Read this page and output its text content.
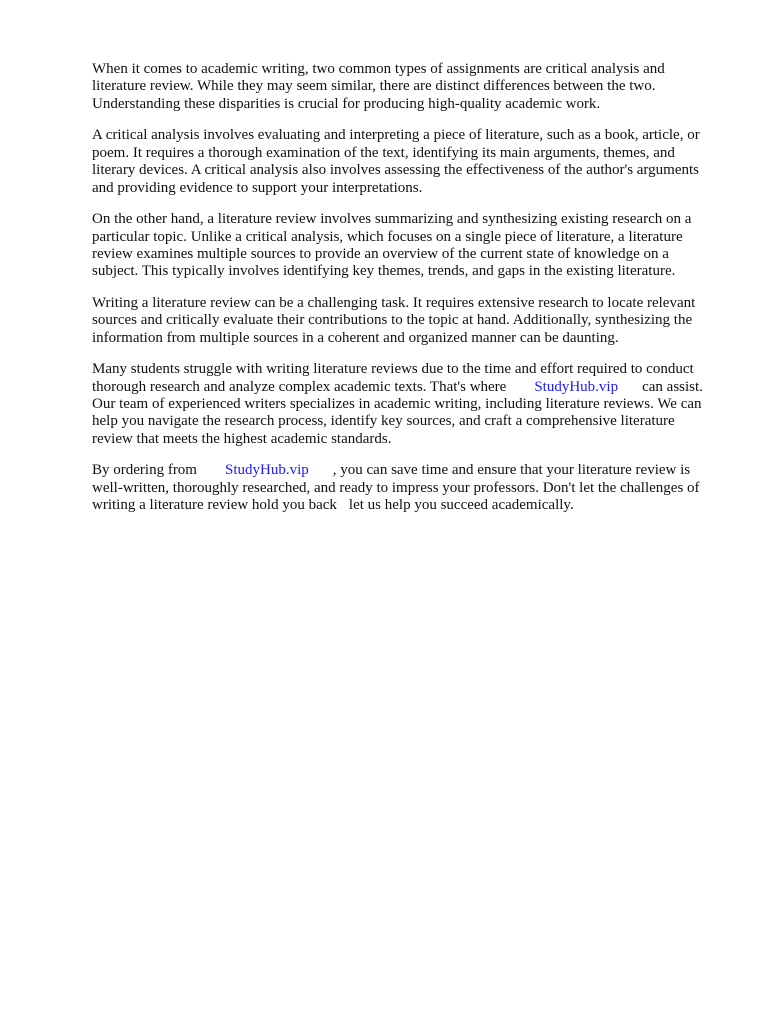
When it comes to academic writing, two common types of assignments are critical analysis and
literature review. While they may seem similar, there are distinct differences between the two.
Understanding these disparities is crucial for producing high-quality academic work.

A critical analysis involves evaluating and interpreting a piece of literature, such as a book, article, or
poem. It requires a thorough examination of the text, identifying its main arguments, themes, and
literary devices. A critical analysis also involves assessing the effectiveness of the author's arguments
and providing evidence to support your interpretations.

On the other hand, a literature review involves summarizing and synthesizing existing research on a
particular topic. Unlike a critical analysis, which focuses on a single piece of literature, a literature
review examines multiple sources to provide an overview of the current state of knowledge on a
subject. This typically involves identifying key themes, trends, and gaps in the existing literature.

Writing a literature review can be a challenging task. It requires extensive research to locate relevant
sources and critically evaluate their contributions to the topic at hand. Additionally, synthesizing the
information from multiple sources in a coherent and organized manner can be daunting.

Many students struggle with writing literature reviews due to the time and effort required to conduct
thorough research and analyze complex academic texts. That's where StudyHub.vip can assist.
Our team of experienced writers specializes in academic writing, including literature reviews. We can
help you navigate the research process, identify key sources, and craft a comprehensive literature
review that meets the highest academic standards.

By ordering from StudyHub.vip , you can save time and ensure that your literature review is
well-written, thoroughly researched, and ready to impress your professors. Don't let the challenges of
writing a literature review hold you back let us help you succeed academically.
